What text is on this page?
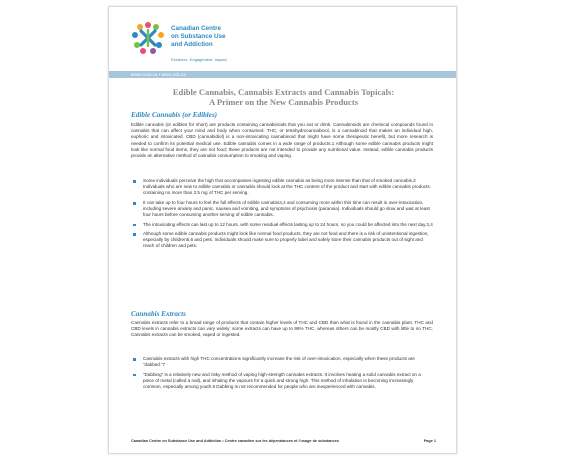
Canadian Centre
on Substance Use
and Addiction
Evidence. Engagement. Impact.
www.ccsa.ca • www.cclt.ca
Edible Cannabis, Cannabis Extracts and Cannabis Topicals:
A Primer on the New Cannabis Products
Edible Cannabis (or Edibles)
Edible cannabis (or edibles for short) are products containing cannabinoids that you eat or drink. Cannabinoids are chemical compounds found in cannabis that can affect your mind and body when consumed. THC, or tetrahydrocannabinol, is a cannabinoid that makes an individual high, euphoric and intoxicated. CBD (cannabidiol) is a non-intoxicating cannabinoid that might have some therapeutic benefit, but more research is needed to confirm its potential medical use. Edible cannabis comes in a wide range of products.1 Although some edible cannabis products might look like normal food items, they are not food; these products are not intended to provide any nutritional value. Instead, edible cannabis products provide an alternative method of cannabis consumption to smoking and vaping.
Some individuals perceive the high that accompanies ingesting edible cannabis as being more intense than that of smoked cannabis.2 Individuals who are new to edible cannabis or cannabis should look at the THC content of the product and start with edible cannabis products containing no more than 2.5 mg of THC per serving.
It can take up to four hours to feel the full effects of edible cannabis3,4 and consuming more within this time can result in over-intoxication, including severe anxiety and panic, nausea and vomiting, and symptoms of psychosis (paranoia). Individuals should go slow and wait at least four hours before consuming another serving of edible cannabis.
The intoxicating effects can last up to 12 hours, with some residual effects lasting up to 24 hours, so you could be affected into the next day.3,4
Although some edible cannabis products might look like normal food products, they are not food and there is a risk of unintentional ingestion, especially by children5,6 and pets. Individuals should make sure to properly label and safely store their cannabis products out of sight and reach of children and pets.
Cannabis Extracts
Cannabis extracts refer to a broad range of products that contain higher levels of THC and CBD than what is found in the cannabis plant. THC and CBD levels in cannabis extracts can vary widely: some extracts can have up to 99% THC, whereas others can be mostly CBD with little to no THC. Cannabis extracts can be smoked, vaped or ingested.
Cannabis extracts with high THC concentrations significantly increase the risk of over-intoxication, especially when these products are “dabbed.”7
“Dabbing” is a relatively new and risky method of vaping high-strength cannabis extracts. It involves heating a solid cannabis extract on a piece of metal (called a nail), and inhaling the vapours for a quick and strong high. This method of inhalation is becoming increasingly common, especially among youth.8 Dabbing is not recommended for people who are inexperienced with cannabis.
Canadian Centre on Substance Use and Addiction • Centre canadien sur les dépendances et l’usage de substances	Page 1
